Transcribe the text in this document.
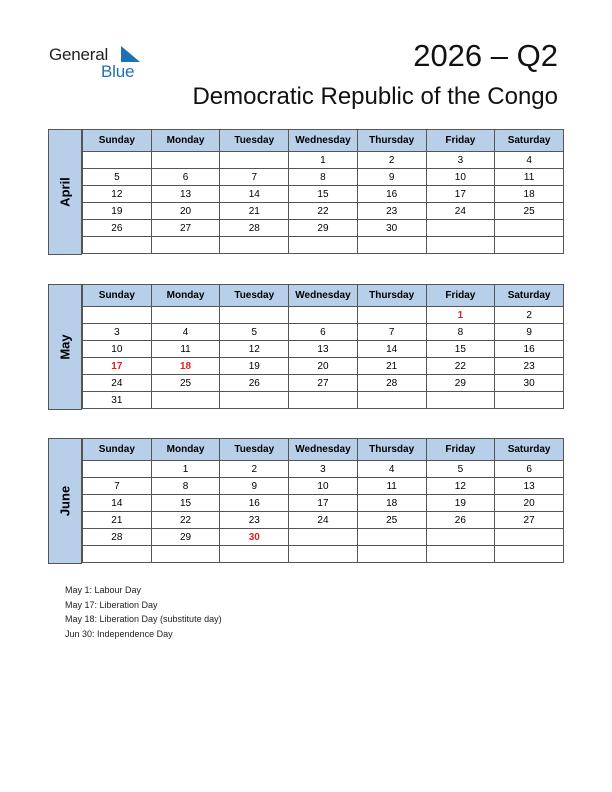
General
Blue	2026 – Q2
Democratic Republic of the Congo
April
Sunday	Monday	Tuesday	Wednesday	Thursday	Friday	Saturday
			1	2	3	4
5	6	7	8	9	10	11
12	13	14	15	16	17	18
19	20	21	22	23	24	25
26	27	28	29	30		

May
Sunday	Monday	Tuesday	Wednesday	Thursday	Friday	Saturday
					1	2
3	4	5	6	7	8	9
10	11	12	13	14	15	16
17	18	19	20	21	22	23
24	25	26	27	28	29	30
31						
June
Sunday	Monday	Tuesday	Wednesday	Thursday	Friday	Saturday
	1	2	3	4	5	6
7	8	9	10	11	12	13
14	15	16	17	18	19	20
21	22	23	24	25	26	27
28	29	30				

May 1: Labour Day
May 17: Liberation Day
May 18: Liberation Day (substitute day)
Jun 30: Independence Day
